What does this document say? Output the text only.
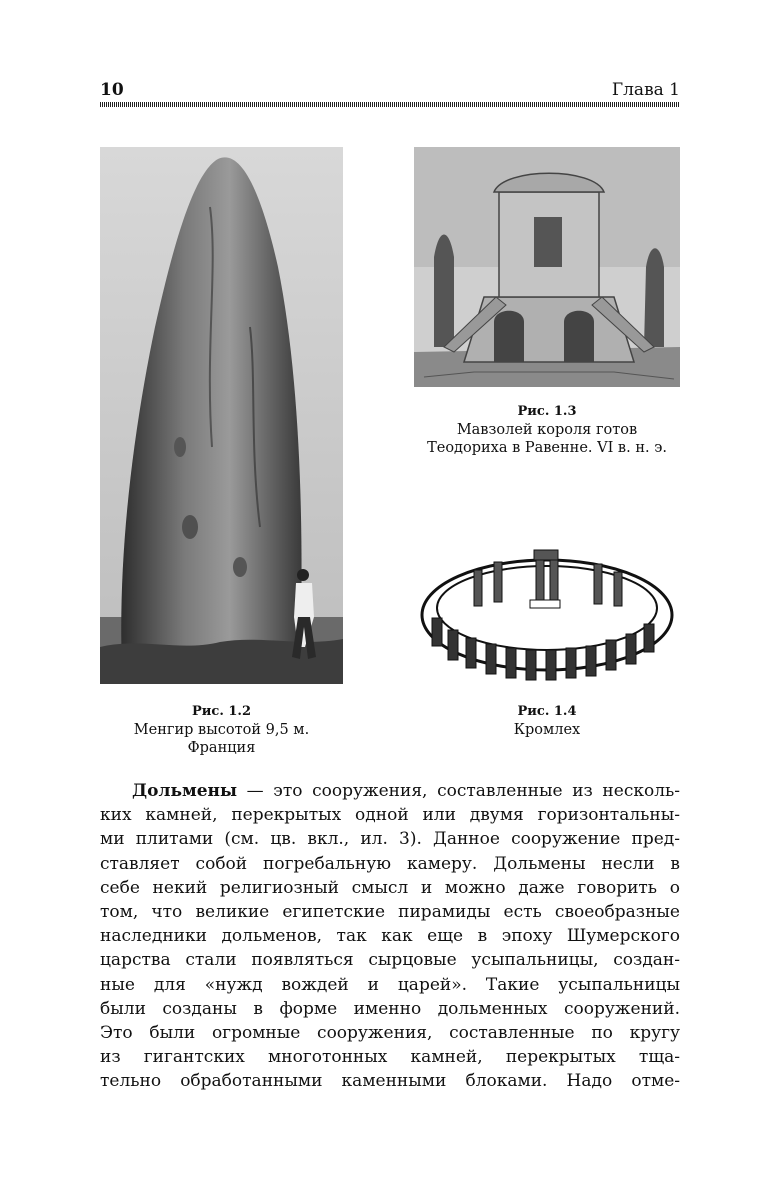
10	Глава 1
Рис. 1.2
Менгир высотой 9,5 м.
Франция
Рис. 1.3
Мавзолей короля готов
Теодориха в Равенне. VI в. н. э.
Рис. 1.4
Кромлех
Дольмены — это сооружения, составленные из несколь-
ких камней, перекрытых одной или двумя горизонтальны-
ми плитами (см. цв. вкл., ил. 3). Данное сооружение пред-
ставляет собой погребальную камеру. Дольмены несли в
себе некий религиозный смысл и можно даже говорить о
том, что великие египетские пирамиды есть своеобразные
наследники дольменов, так как еще в эпоху Шумерского
царства стали появляться сырцовые усыпальницы, создан-
ные для «нужд вождей и царей». Такие усыпальницы
были созданы в форме именно дольменных сооружений.
Это были огромные сооружения, составленные по кругу
из гигантских многотонных камней, перекрытых тща-
тельно обработанными каменными блоками. Надо отме-
